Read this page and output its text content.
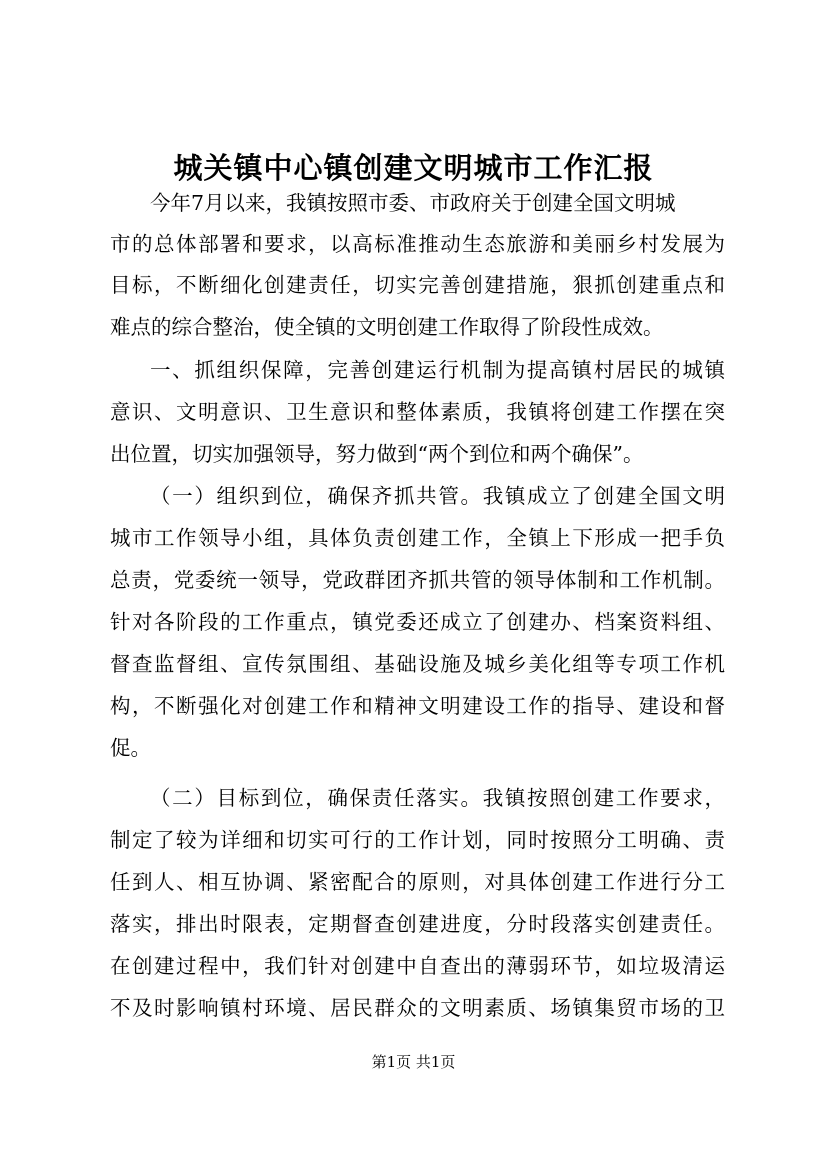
城关镇中心镇创建文明城市工作汇报
今年7月以来，我镇按照市委、市政府关于创建全国文明城
市的总体部署和要求，以高标准推动生态旅游和美丽乡村发展为
目标，不断细化创建责任，切实完善创建措施，狠抓创建重点和
难点的综合整治，使全镇的文明创建工作取得了阶段性成效。
一、抓组织保障，完善创建运行机制为提高镇村居民的城镇
意识、文明意识、卫生意识和整体素质，我镇将创建工作摆在突
出位置，切实加强领导，努力做到“两个到位和两个确保”。
（一）组织到位，确保齐抓共管。我镇成立了创建全国文明
城市工作领导小组，具体负责创建工作，全镇上下形成一把手负
总责，党委统一领导，党政群团齐抓共管的领导体制和工作机制。
针对各阶段的工作重点，镇党委还成立了创建办、档案资料组、
督查监督组、宣传氛围组、基础设施及城乡美化组等专项工作机
构，不断强化对创建工作和精神文明建设工作的指导、建设和督
促。
（二）目标到位，确保责任落实。我镇按照创建工作要求，
制定了较为详细和切实可行的工作计划，同时按照分工明确、责
任到人、相互协调、紧密配合的原则，对具体创建工作进行分工
落实，排出时限表，定期督查创建进度，分时段落实创建责任。
在创建过程中，我们针对创建中自查出的薄弱环节，如垃圾清运
不及时影响镇村环境、居民群众的文明素质、场镇集贸市场的卫
第1页 共1页
